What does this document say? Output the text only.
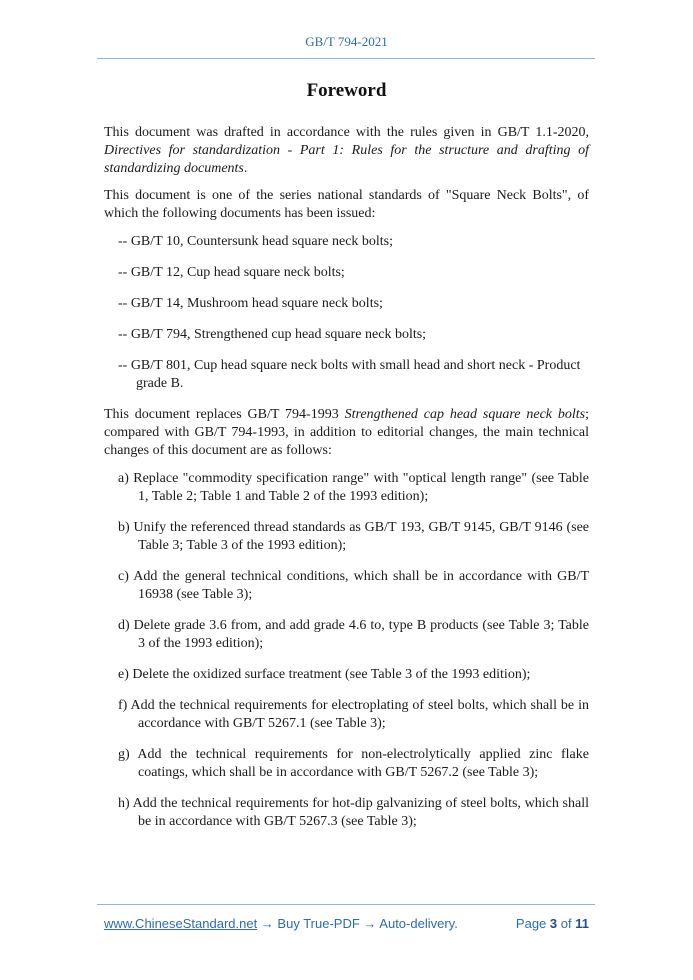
GB/T 794-2021
Foreword

This document was drafted in accordance with the rules given in GB/T 1.1-2020, Directives for standardization - Part 1: Rules for the structure and drafting of standardizing documents.

This document is one of the series national standards of "Square Neck Bolts", of which the following documents has been issued:

-- GB/T 10, Countersunk head square neck bolts;
-- GB/T 12, Cup head square neck bolts;
-- GB/T 14, Mushroom head square neck bolts;
-- GB/T 794, Strengthened cup head square neck bolts;
-- GB/T 801, Cup head square neck bolts with small head and short neck - Product grade B.

This document replaces GB/T 794-1993 Strengthened cap head square neck bolts; compared with GB/T 794-1993, in addition to editorial changes, the main technical changes of this document are as follows:

a) Replace "commodity specification range" with "optical length range" (see Table 1, Table 2; Table 1 and Table 2 of the 1993 edition);
b) Unify the referenced thread standards as GB/T 193, GB/T 9145, GB/T 9146 (see Table 3; Table 3 of the 1993 edition);
c) Add the general technical conditions, which shall be in accordance with GB/T 16938 (see Table 3);
d) Delete grade 3.6 from, and add grade 4.6 to, type B products (see Table 3; Table 3 of the 1993 edition);
e) Delete the oxidized surface treatment (see Table 3 of the 1993 edition);
f) Add the technical requirements for electroplating of steel bolts, which shall be in accordance with GB/T 5267.1 (see Table 3);
g) Add the technical requirements for non-electrolytically applied zinc flake coatings, which shall be in accordance with GB/T 5267.2 (see Table 3);
h) Add the technical requirements for hot-dip galvanizing of steel bolts, which shall be in accordance with GB/T 5267.3 (see Table 3);
www.ChineseStandard.net → Buy True-PDF → Auto-delivery.	Page 3 of 11
